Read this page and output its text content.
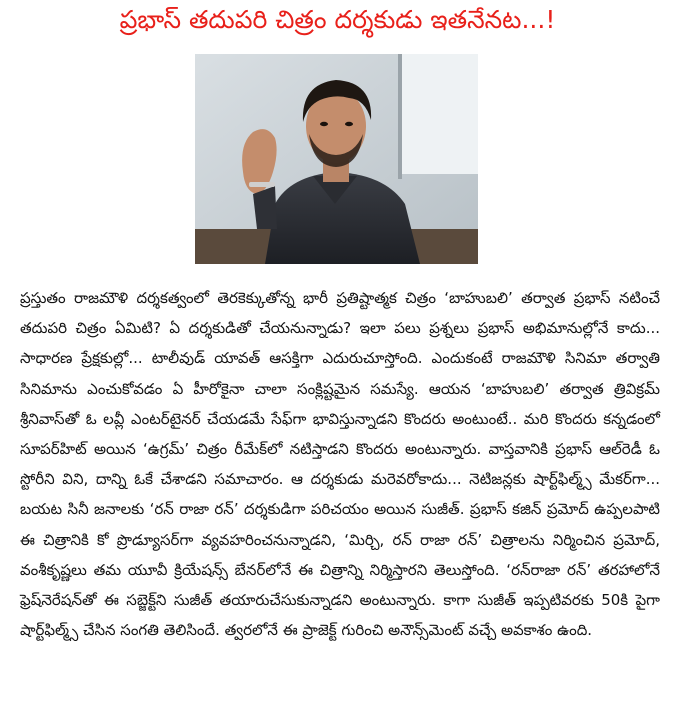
ప్రభాస్ తదుపరి చిత్రం దర్శకుడు ఇతనేనట...!

ప్రస్తుతం రాజమౌళి దర్శకత్వంలో తెరకెక్కుతోన్న భారీ ప్రతిష్టాత్మక చిత్రం ‘బాహుబలి’ తర్వాత ప్రభాస్ నటించే తదుపరి చిత్రం ఏమిటి? ఏ దర్శకుడితో చేయనున్నాడు? ఇలా పలు ప్రశ్నలు ప్రభాస్ అభిమానుల్లోనే కాదు... సాధారణ ప్రేక్షకుల్లో... టాలీవుడ్ యావత్ ఆసక్తిగా ఎదురుచూస్తోంది. ఎందుకంటే రాజమౌళి సినిమా తర్వాతి సినిమాను ఎంచుకోవడం ఏ హీరోకైనా చాలా సంక్లిష్టమైన సమస్యే. ఆయన ‘బాహుబలి’ తర్వాత త్రివిక్రమ్ శ్రీనివాస్‌తో ఓ లవ్లీ ఎంటర్‌టైనర్ చేయడమే సేఫ్‌గా భావిస్తున్నాడని కొందరు అంటుంటే.. మరి కొందరు కన్నడంలో సూపర్‌హిట్ అయిన ‘ఉగ్రమ్’ చిత్రం రీమేక్‌లో నటిస్తాడని కొందరు అంటున్నారు. వాస్తవానికి ప్రభాస్ ఆల్‌రెడీ ఓ స్టోరీని విని, దాన్ని ఓకే చేశాడని సమాచారం. ఆ దర్శకుడు మరెవరోకాదు... నెటిజన్లకు షార్ట్‌ఫిల్మ్స్ మేకర్‌గా... బయట సినీ జనాలకు ‘రన్ రాజా రన్’ దర్శకుడిగా పరిచయం అయిన సుజీత్. ప్రభాస్ కజిన్ ప్రమోద్ ఉప్పలపాటి ఈ చిత్రానికి కో ప్రొడ్యూసర్‌గా వ్యవహరించనున్నాడని, ‘మిర్చి, రన్ రాజా రన్’ చిత్రాలను నిర్మించిన ప్రమోద్, వంశీకృష్ణలు తమ యూవీ క్రియేషన్స్ బేనర్‌లోనే ఈ చిత్రాన్ని నిర్మిస్తారని తెలుస్తోంది. ‘రన్‌రాజా రన్’ తరహాలోనే ఫ్రెష్‌నెరేషన్‌తో ఈ సబ్జెక్ట్‌ని సుజీత్ తయారుచేసుకున్నాడని అంటున్నారు. కాగా సుజీత్ ఇప్పటివరకు 50కి పైగా షార్ట్‌ఫిల్మ్స్ చేసిన సంగతి తెలిసిందే. త్వరలోనే ఈ ప్రాజెక్ట్ గురించి అనౌన్స్‌మెంట్ వచ్చే అవకాశం ఉంది.
